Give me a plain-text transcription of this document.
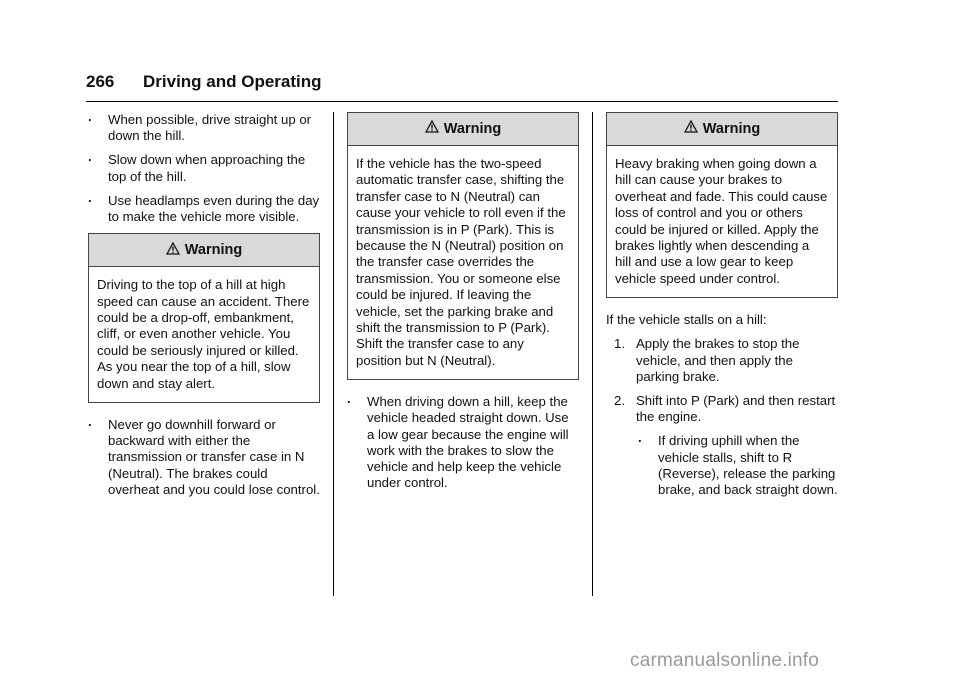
266 Driving and Operating
. When possible, drive straight up or down the hill.
. Slow down when approaching the top of the hill.
. Use headlamps even during the day to make the vehicle more visible.
Warning
Driving to the top of a hill at high speed can cause an accident. There could be a drop-off, embankment, cliff, or even another vehicle. You could be seriously injured or killed. As you near the top of a hill, slow down and stay alert.
. Never go downhill forward or backward with either the transmission or transfer case in N (Neutral). The brakes could overheat and you could lose control.
Warning
If the vehicle has the two-speed automatic transfer case, shifting the transfer case to N (Neutral) can cause your vehicle to roll even if the transmission is in P (Park). This is because the N (Neutral) position on the transfer case overrides the transmission. You or someone else could be injured. If leaving the vehicle, set the parking brake and shift the transmission to P (Park). Shift the transfer case to any position but N (Neutral).
. When driving down a hill, keep the vehicle headed straight down. Use a low gear because the engine will work with the brakes to slow the vehicle and help keep the vehicle under control.
Warning
Heavy braking when going down a hill can cause your brakes to overheat and fade. This could cause loss of control and you or others could be injured or killed. Apply the brakes lightly when descending a hill and use a low gear to keep vehicle speed under control.

If the vehicle stalls on a hill:

1. Apply the brakes to stop the vehicle, and then apply the parking brake.
2. Shift into P (Park) and then restart the engine.
. If driving uphill when the vehicle stalls, shift to R (Reverse), release the parking brake, and back straight down.
carmanualsonline.info
